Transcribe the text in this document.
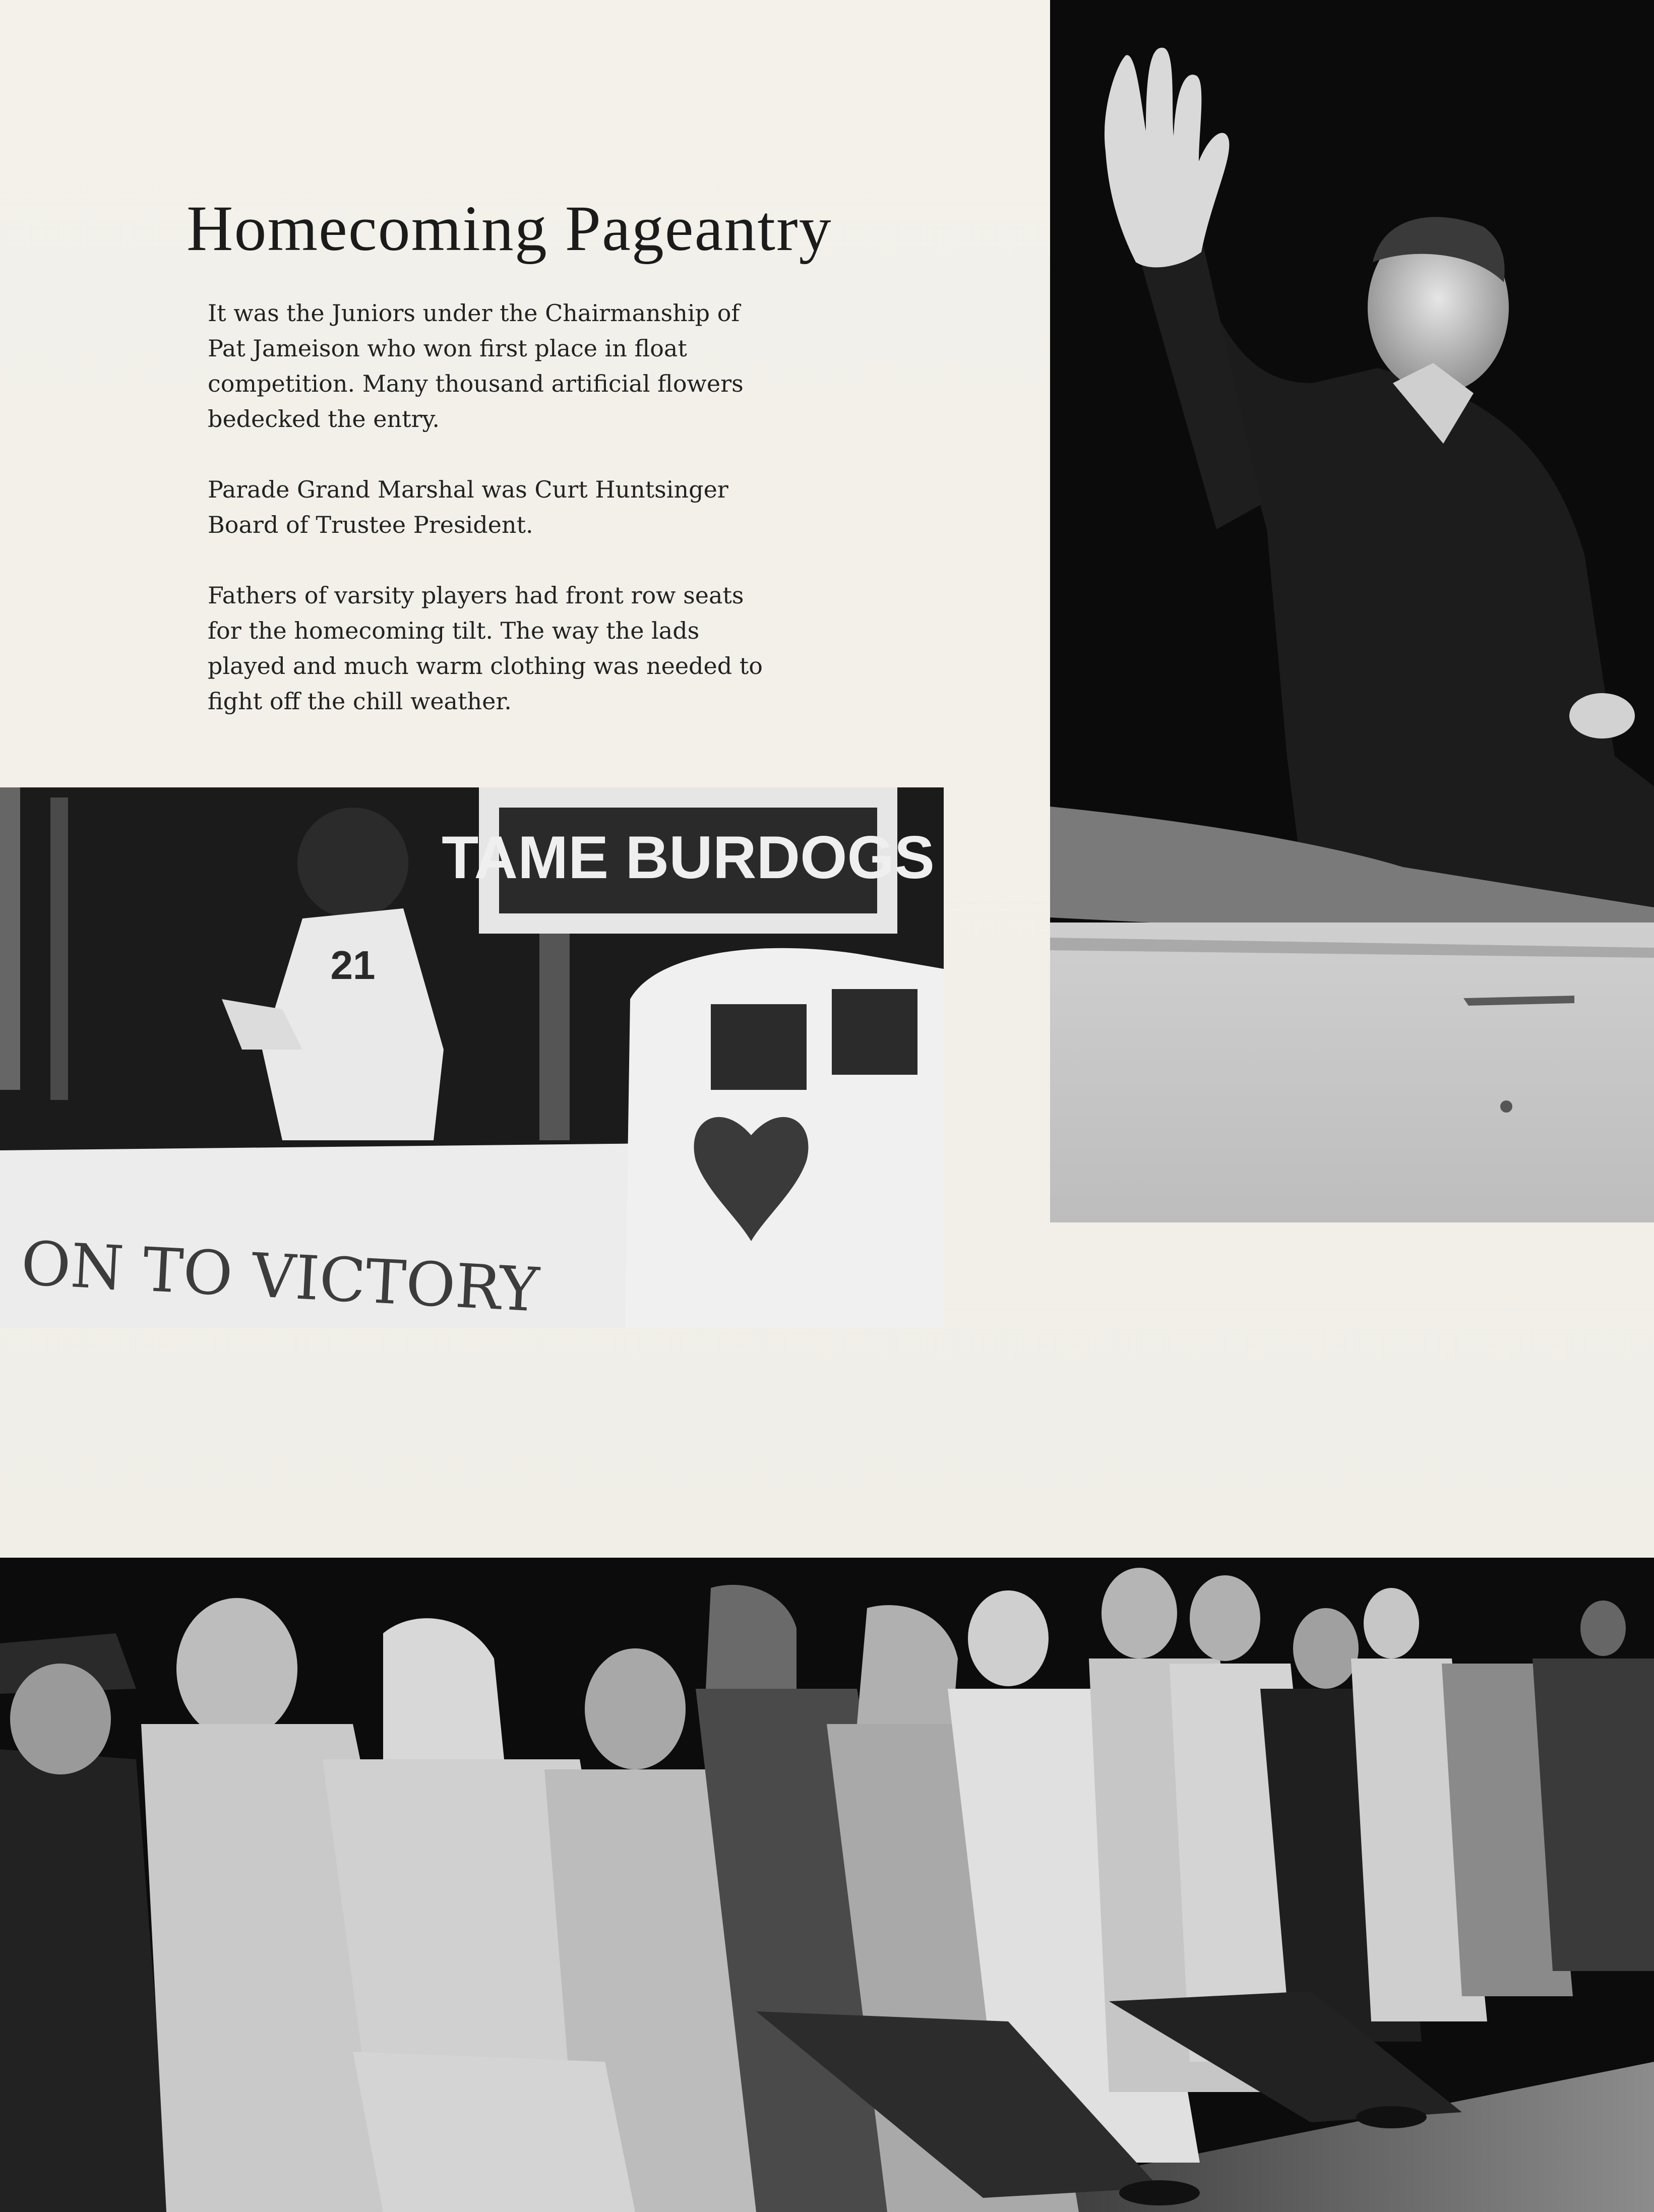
Homecoming Pageantry

It was the Juniors under the Chairmanship of
Pat Jameison who won first place in float
competition. Many thousand artificial flowers
bedecked the entry.

Parade Grand Marshal was Curt Huntsinger
Board of Trustee President.

Fathers of varsity players had front row seats
for the homecoming tilt. The way the lads
played and much warm clothing was needed to
fight off the chill weather.

TAME BURDOGS
21
ON TO VICTORY
